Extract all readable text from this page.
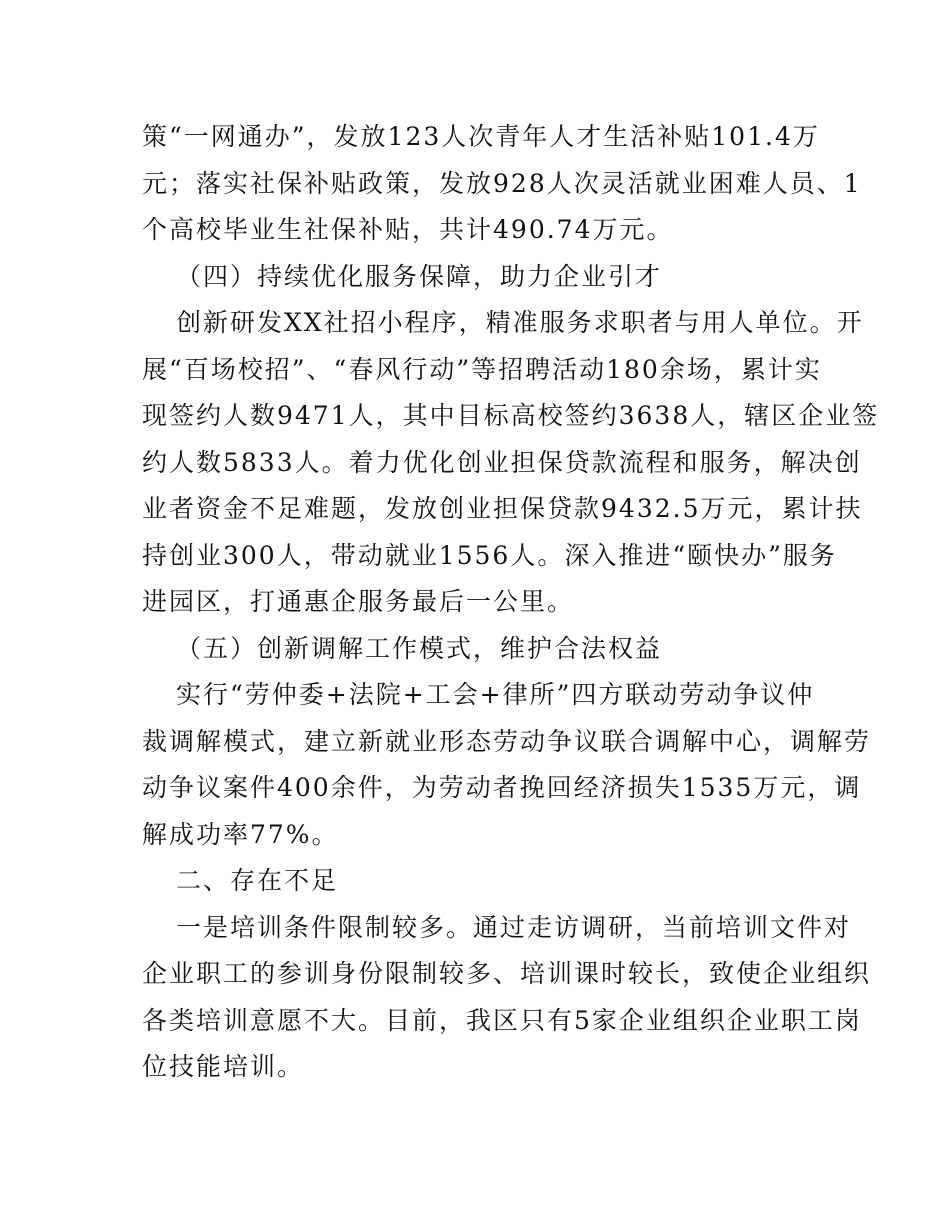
策“一网通办”，发放123人次青年人才生活补贴101.4万
元；落实社保补贴政策，发放928人次灵活就业困难人员、1
个高校毕业生社保补贴，共计490.74万元。
（四）持续优化服务保障，助力企业引才
创新研发XX社招小程序，精准服务求职者与用人单位。开
展“百场校招”、“春风行动”等招聘活动180余场，累计实
现签约人数9471人，其中目标高校签约3638人，辖区企业签
约人数5833人。着力优化创业担保贷款流程和服务，解决创
业者资金不足难题，发放创业担保贷款9432.5万元，累计扶
持创业300人，带动就业1556人。深入推进“颐快办”服务
进园区，打通惠企服务最后一公里。
（五）创新调解工作模式，维护合法权益
实行“劳仲委+法院+工会+律所”四方联动劳动争议仲
裁调解模式，建立新就业形态劳动争议联合调解中心，调解劳
动争议案件400余件，为劳动者挽回经济损失1535万元，调
解成功率77%。
二、存在不足
一是培训条件限制较多。通过走访调研，当前培训文件对
企业职工的参训身份限制较多、培训课时较长，致使企业组织
各类培训意愿不大。目前，我区只有5家企业组织企业职工岗
位技能培训。
